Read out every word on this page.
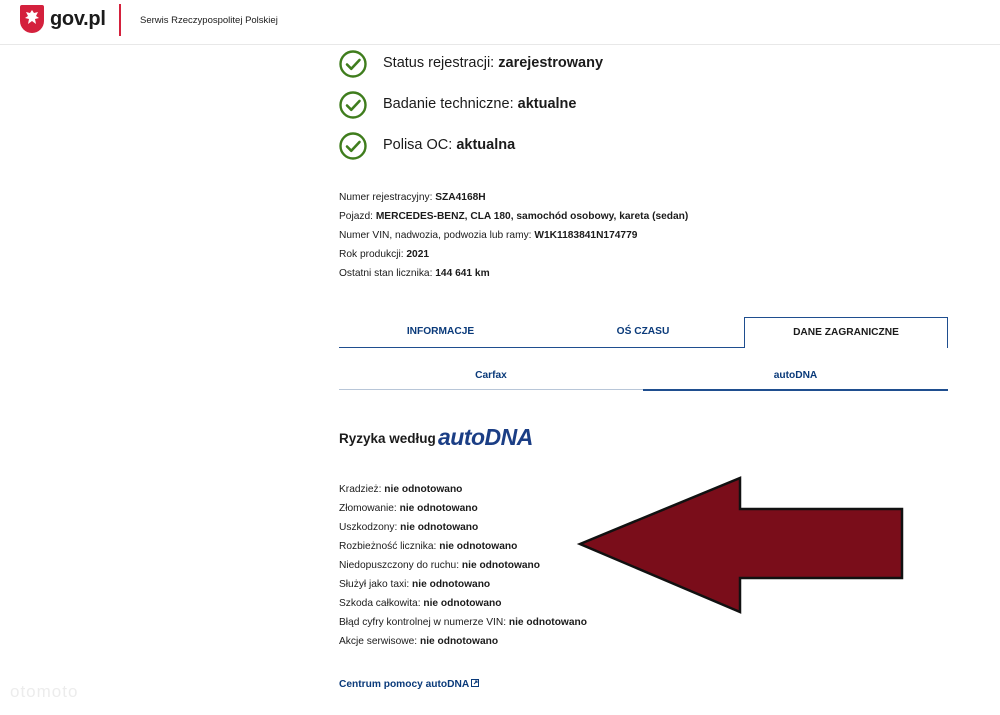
gov.pl	Serwis Rzeczypospolitej Polskiej
Status rejestracji: zarejestrowany
Badanie techniczne: aktualne
Polisa OC: aktualna
Numer rejestracyjny: SZA4168H
Pojazd: MERCEDES-BENZ, CLA 180, samochód osobowy, kareta (sedan)
Numer VIN, nadwozia, podwozia lub ramy: W1K1183841N174779
Rok produkcji: 2021
Ostatni stan licznika: 144 641 km
INFORMACJE	OŚ CZASU	DANE ZAGRANICZNE
Carfax	autoDNA
Ryzyka według autoDNA
Kradzież: nie odnotowano
Złomowanie: nie odnotowano
Uszkodzony: nie odnotowano
Rozbieżność licznika: nie odnotowano
Niedopuszczony do ruchu: nie odnotowano
Służył jako taxi: nie odnotowano
Szkoda całkowita: nie odnotowano
Błąd cyfry kontrolnej w numerze VIN: nie odnotowano
Akcje serwisowe: nie odnotowano
Centrum pomocy autoDNA
otomoto
